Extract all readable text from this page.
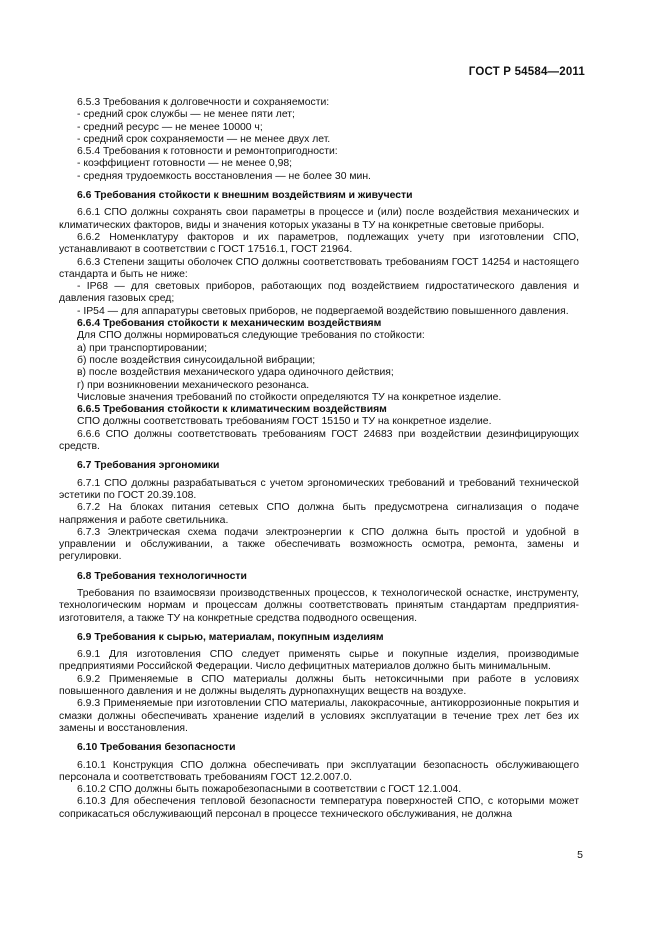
ГОСТ Р 54584—2011

6.5.3 Требования к долговечности и сохраняемости:

- средний срок службы — не менее пяти лет;

- средний ресурс — не менее 10000 ч;

- средний срок сохраняемости — не менее двух лет.

6.5.4 Требования к готовности и ремонтопригодности:

- коэффициент готовности — не менее 0,98;

- средняя трудоемкость восстановления — не более 30 мин.

6.6 Требования стойкости к внешним воздействиям и живучести

6.6.1 СПО должны сохранять свои параметры в процессе и (или) после воздействия механических и климатических факторов, виды и значения которых указаны в ТУ на конкретные световые приборы.

6.6.2 Номенклатуру факторов и их параметров, подлежащих учету при изготовлении СПО, устанавливают в соответствии с ГОСТ 17516.1, ГОСТ 21964.

6.6.3 Степени защиты оболочек СПО должны соответствовать требованиям ГОСТ 14254 и настоящего стандарта и быть не ниже:

- IP68 — для световых приборов, работающих под воздействием гидростатического давления и давления газовых сред;

- IP54 — для аппаратуры световых приборов, не подвергаемой воздействию повышенного давления.

6.6.4 Требования стойкости к механическим воздействиям

Для СПО должны нормироваться следующие требования по стойкости:

а) при транспортировании;

б) после воздействия синусоидальной вибрации;

в) после воздействия механического удара одиночного действия;

г) при возникновении механического резонанса.

Числовые значения требований по стойкости определяются ТУ на конкретное изделие.

6.6.5 Требования стойкости к климатическим воздействиям

СПО должны соответствовать требованиям ГОСТ 15150 и ТУ на конкретное изделие.

6.6.6 СПО должны соответствовать требованиям ГОСТ 24683 при воздействии дезинфицирующих средств.

6.7 Требования эргономики

6.7.1 СПО должны разрабатываться с учетом эргономических требований и требований технической эстетики по ГОСТ 20.39.108.

6.7.2 На блоках питания сетевых СПО должна быть предусмотрена сигнализация о подаче напряжения и работе светильника.

6.7.3 Электрическая схема подачи электроэнергии к СПО должна быть простой и удобной в управлении и обслуживании, а также обеспечивать возможность осмотра, ремонта, замены и регулировки.

6.8 Требования технологичности

Требования по взаимосвязи производственных процессов, к технологической оснастке, инструменту, технологическим нормам и процессам должны соответствовать принятым стандартам предприятия-изготовителя, а также ТУ на конкретные средства подводного освещения.

6.9 Требования к сырью, материалам, покупным изделиям

6.9.1 Для изготовления СПО следует применять сырье и покупные изделия, производимые предприятиями Российской Федерации. Число дефицитных материалов должно быть минимальным.

6.9.2 Применяемые в СПО материалы должны быть нетоксичными при работе в условиях повышенного давления и не должны выделять дурнопахнущих веществ на воздухе.

6.9.3 Применяемые при изготовлении СПО материалы, лакокрасочные, антикоррозионные покрытия и смазки должны обеспечивать хранение изделий в условиях эксплуатации в течение трех лет без их замены и восстановления.

6.10 Требования безопасности

6.10.1 Конструкция СПО должна обеспечивать при эксплуатации безопасность обслуживающего персонала и соответствовать требованиям ГОСТ 12.2.007.0.

6.10.2 СПО должны быть пожаробезопасными в соответствии с ГОСТ 12.1.004.

6.10.3 Для обеспечения тепловой безопасности температура поверхностей СПО, с которыми может соприкасаться обслуживающий персонал в процессе технического обслуживания, не должна

5
